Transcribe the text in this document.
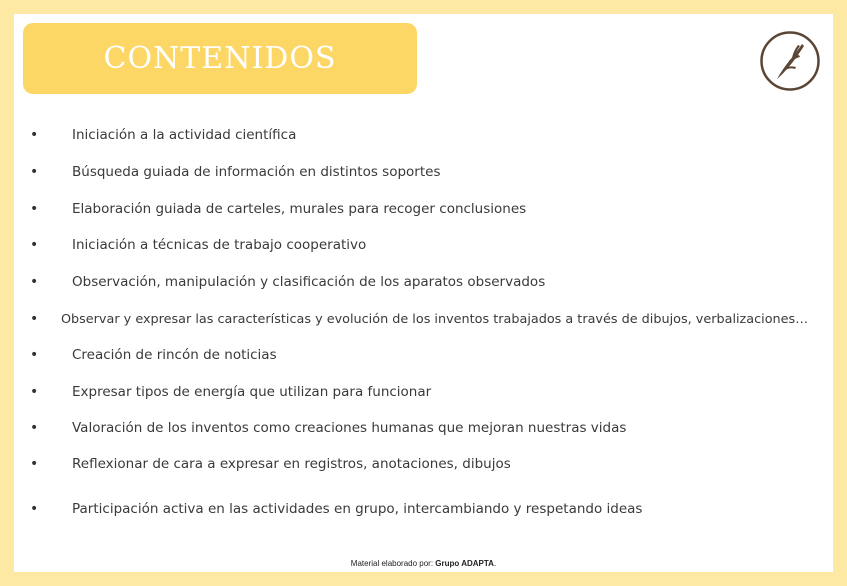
CONTENIDOS
•	Iniciación a la actividad científica
•	Búsqueda guiada de información en distintos soportes
•	Elaboración guiada de carteles, murales para recoger conclusiones
•	Iniciación a técnicas de trabajo cooperativo
•	Observación, manipulación y clasificación de los aparatos observados
•	Observar y expresar las características y evolución de los inventos trabajados a través de dibujos, verbalizaciones…
•	Creación de rincón de noticias
•	Expresar tipos de energía que utilizan para funcionar
•	Valoración de los inventos como creaciones humanas que mejoran nuestras vidas
•	Reflexionar de cara a expresar en registros, anotaciones, dibujos
•	Participación activa en las actividades en grupo, intercambiando y respetando ideas
Material elaborado por: Grupo ADAPTA.
